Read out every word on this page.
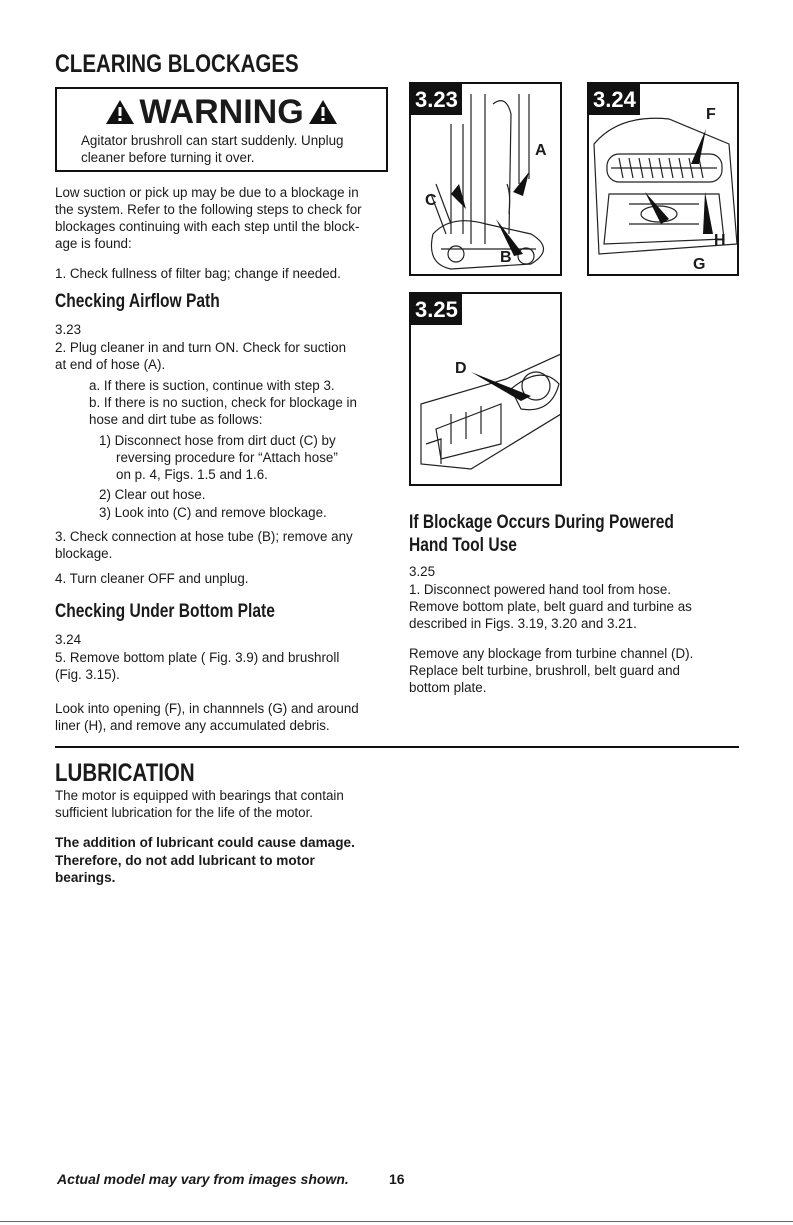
CLEARING BLOCKAGES
WARNING
Agitator brushroll can start suddenly. Unplug
cleaner before turning it over.
Low suction or pick up may be due to a blockage in
the system. Refer to the following steps to check for
blockages continuing with each step until the block-
age is found:
1. Check fullness of filter bag; change if needed.
Checking Airflow Path
3.23
2. Plug cleaner in and turn ON. Check for suction
at end of hose (A).
a. If there is suction, continue with step 3.
b. If there is no suction, check for blockage in
hose and dirt tube as follows:
1) Disconnect hose from dirt duct (C) by
reversing procedure for “Attach hose”
on p. 4, Figs. 1.5 and 1.6.
2) Clear out hose.
3) Look into (C) and remove blockage.
3. Check connection at hose tube (B); remove any
blockage.
4. Turn cleaner OFF and unplug.
Checking Under Bottom Plate
3.24
5. Remove bottom plate ( Fig. 3.9) and brushroll
(Fig. 3.15).
Look into opening (F), in channnels (G) and around
liner (H), and remove any accumulated debris.
3.23
A
B
C
3.24
F
G
H
3.25
D
If Blockage Occurs During Powered
Hand Tool Use
3.25
1. Disconnect powered hand tool from hose.
Remove bottom plate, belt guard and turbine as
described in Figs. 3.19, 3.20 and 3.21.
Remove any blockage from turbine channel (D).
Replace belt turbine, brushroll, belt guard and
bottom plate.
LUBRICATION
The motor is equipped with bearings that contain
sufficient lubrication for the life of the motor.
The addition of lubricant could cause damage.
Therefore, do not add lubricant to motor
bearings.
Actual model may vary from images shown.	16
